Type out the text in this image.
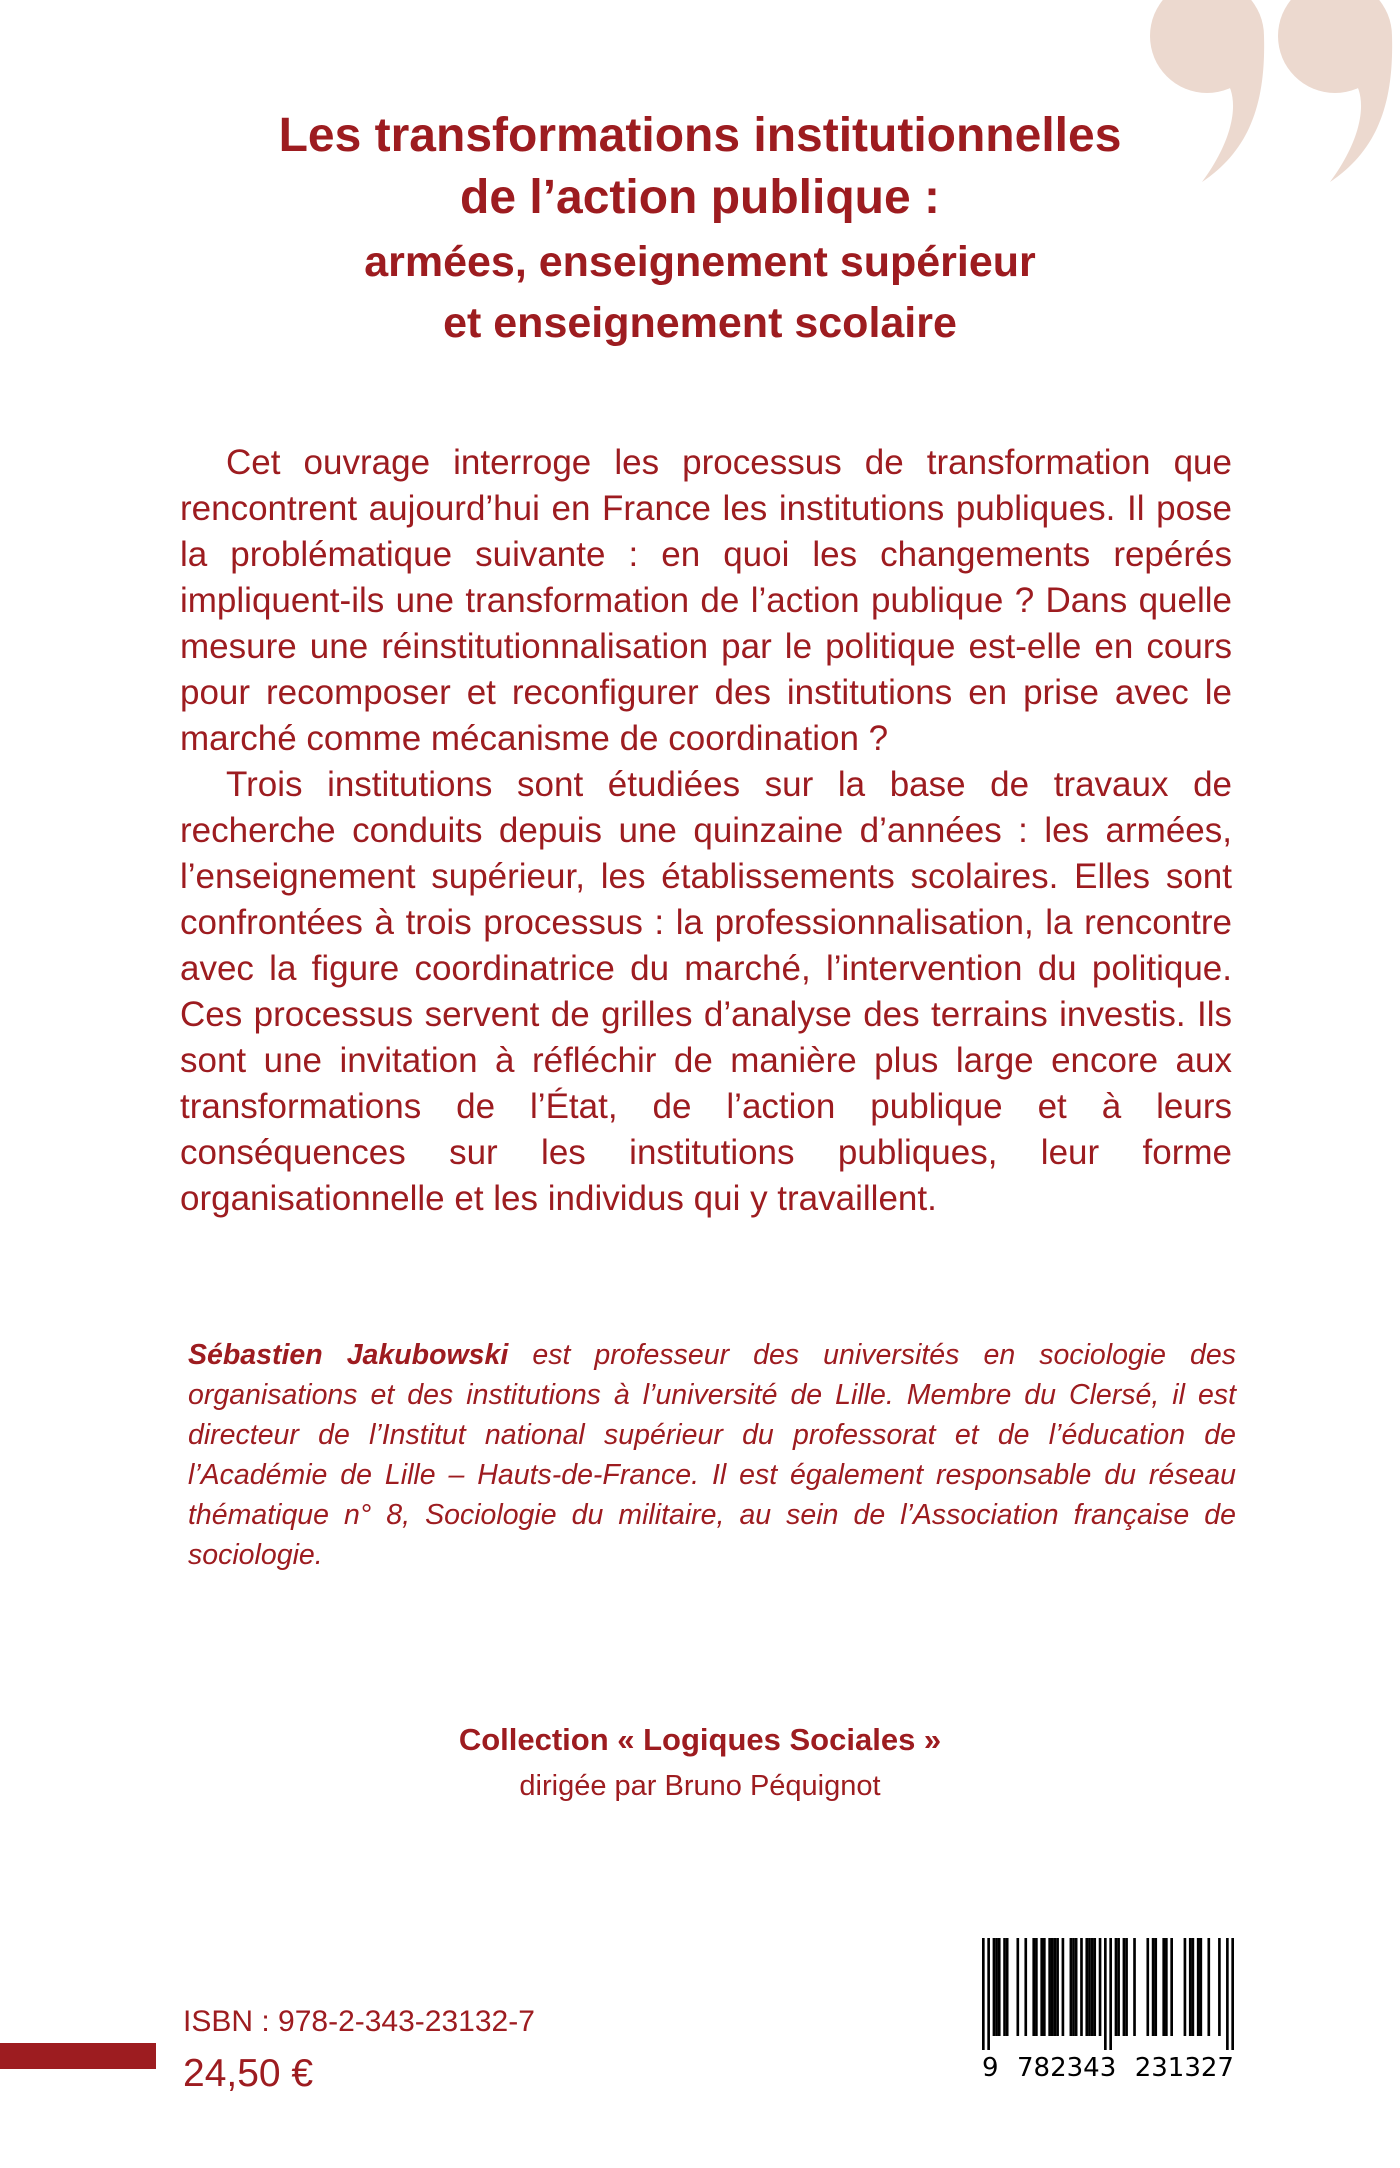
Les transformations institutionnelles
de l’action publique :
armées, enseignement supérieur
et enseignement scolaire

Cet ouvrage interroge les processus de transformation que rencontrent aujourd’hui en France les institutions publiques. Il pose la problématique suivante : en quoi les changements repérés impliquent-ils une transformation de l’action publique ? Dans quelle mesure une réinstitutionnalisation par le politique est-elle en cours pour recomposer et reconfigurer des institutions en prise avec le marché comme mécanisme de coordination ?

Trois institutions sont étudiées sur la base de travaux de recherche conduits depuis une quinzaine d’années : les armées, l’enseignement supérieur, les établissements scolaires. Elles sont confrontées à trois processus : la professionnalisation, la rencontre avec la figure coordinatrice du marché, l’intervention du politique. Ces processus servent de grilles d’analyse des terrains investis. Ils sont une invitation à réfléchir de manière plus large encore aux transformations de l’État, de l’action publique et à leurs conséquences sur les institutions publiques, leur forme organisationnelle et les individus qui y travaillent.

Sébastien Jakubowski est professeur des universités en sociologie des organisations et des institutions à l’université de Lille. Membre du Clersé, il est directeur de l’Institut national supérieur du professorat et de l’éducation de l’Académie de Lille – Hauts-de-France. Il est également responsable du réseau thématique n° 8, Sociologie du militaire, au sein de l’Association française de sociologie.

Collection « Logiques Sociales »

dirigée par Bruno Péquignot

ISBN : 978-2-343-23132-7
24,50 €	9 782343 231327
